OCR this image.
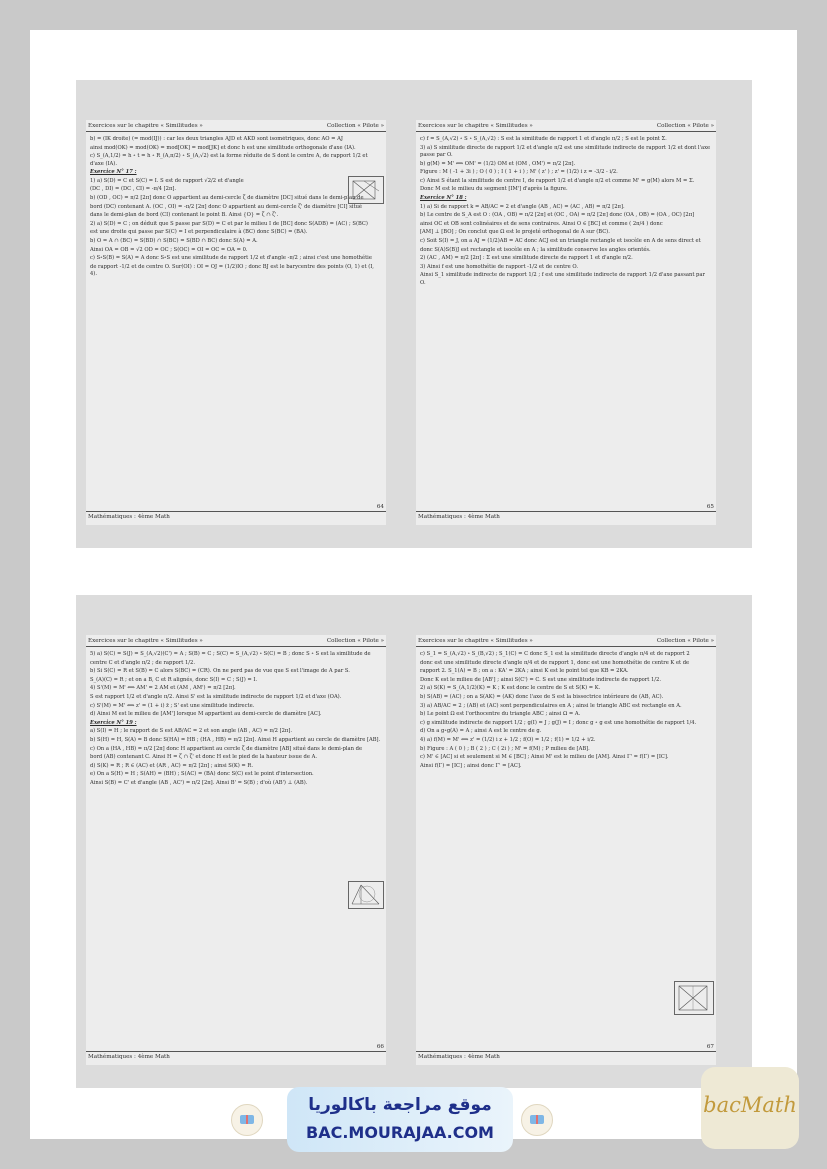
Exercices sur le chapitre « Similitudes »	Collection « Pilote »

b) = (IK droite) (= mod(IJ)) : car les deux triangles AJD et AKD sont isométriques, donc AO = AJ

ainsi mod(OK) = mod(OK) = mod[OK] = mod[JK] et donc h est une similitude orthogonale d'axe (IA).

c) S_(A,1/2) = h ∘ t = h ∘ R_(A,π/2) ∘ S_(A,√2) est la forme réduite de S dont le centre A, de rapport 1/2 et d'axe (IA).

Exercice N° 17 :

1) a) S(D) = C et S(C) = I. S est de rapport √2/2 et d'angle

(DC , DI) = (DC , CI) = -π/4 [2π].

b) (OD , OC) = π/2 [2π] donc O appartient au demi-cercle ζ de diamètre [DC] situé dans le demi-plan de

bord (DC) contenant A. (OC , OI) = -π/2 [2π] donc O appartient au demi-cercle ζ' de diamètre [CI] situé

dans le demi-plan de bord (CI) contenant le point B. Ainsi {O} = ζ ∩ ζ'.

2) a) S(D) = C ; on déduit que S passe par S(D) = C et par le milieu I de [BC] donc S(ADB) = (AC) ; S(BC)

est une droite qui passe par S(C) = I et perpendiculaire à (BC) donc S(BC) = (BA).

b) O = A ∩ (BC) = S(BD) ∩ S(BC) = S(BD ∩ BC) donc S(A) = A.

Ainsi OA = OB = √2 OD = OC ; S(OC) = OI = OC = OA = 0.

c) S∘S(B) = S(A) = A donc S∘S est une similitude de rapport 1/2 et d'angle -π/2 ; ainsi c'est une homothétie

de rapport -1/2 et de centre O. Sur(OI) : OI = OJ = (1/2)IO ; donc BJ est le barycentre des points (O, 1) et (I, 4).

Mathématiques : 4ème Math
64
Exercices sur le chapitre « Similitudes »	Collection « Pilote »

c) f = S_(A,√2) ∘ S ∘ S_(A,√2) : S est la similitude de rapport 1 et d'angle π/2 ; S est le point Σ.

3) a) S similitude directe de rapport 1/2 et d'angle π/2 est une similitude indirecte de rapport 1/2 et dont l'axe passe par O.

b) g(M) = M' ⟺ OM' = (1/2) OM et (OM , OM') = π/2 [2π].

Figure : M ( -1 + 3i ) ; O ( 0 ) ; I ( 1 + i ) ; M' ( z' ) ; z' = (1/2) i z = -3/2 - i/2.

c) Ainsi S étant la similitude de centre I, de rapport 1/2 et d'angle π/2 et comme M' = g(M) alors M = Σ.

Donc M est le milieu du segment [IM'] d'après la figure.

Exercice N° 18 :

1) a) Si de rapport k = AB/AC = 2 et d'angle (AB , AC) = (AC , AB) = π/2 [2π].

b) Le centre de S_A est O : (OA , OB) = π/2 [2π] et (OC , OA) = π/2 [2π] donc (OA , OB) = (OA , OC) [2π]

ainsi OC et OB sont colinéaires et de sens contraires. Ainsi O ∈ [BC] et comme ( 2π/4 ) donc

[AM] ⊥ [BO] ; On conclut que Ω est le projeté orthogonal de A sur (BC).

c) Soit S(I) = J, on a AJ = (1/2)AB = AC donc ACJ est un triangle rectangle et isocèle en A de sens direct et

donc S(A)S(B)J est rectangle et isocèle en A ; la similitude conserve les angles orientés.

2) (AC , AM) = π/2 [2π] : Σ est une similitude directe de rapport 1 et d'angle π/2.

3) Ainsi f est une homothétie de rapport -1/2 et de centre O.

Ainsi S_1 similitude indirecte de rapport 1/2 ; f est une similitude indirecte de rapport 1/2 d'axe passant par O.

Mathématiques : 4ème Math
65
Exercices sur le chapitre « Similitudes »	Collection « Pilote »

5) a) S(C) = S(J) = S_(A,√2)(C') = A ; S(B) = C ; S(C) = S_(A,√2) ∘ S(C) = B ; donc S ∘ S est la similitude de

centre C et d'angle π/2 ; de rapport 1/2.

b) Si S(C) = R et S(B) = C alors S(BC) = (CR). On ne perd pas de vue que S est l'image de A par S.

S_(A)(C) = R ; et on a B, C et R alignés, donc S(I) = C ; S(J) = I.

4) S'(M) = M' ⟺ AM' = 2 AM et (AM , AM') = π/2 [2π].

S est rapport 1/2 et d'angle π/2. Ainsi S' est la similitude indirecte de rapport 1/2 et d'axe (OA).

c) S'(M) = M' ⟺ z' = (1 + i) z̄ ; S' est une similitude indirecte.

d) Ainsi M est le milieu de [AM'] lorsque M appartient au demi-cercle de diamètre [AC].

Exercice N° 19 :

a) S(I) = H ; le rapport de S est AB/AC = 2 et son angle (AB , AC) = π/2 [2π].

b) S(H) = H, S(A) = B donc S(HA) = HB ; (HA , HB) = π/2 [2π]. Ainsi H appartient au cercle de diamètre [AB].

c) On a (HA , HB) = π/2 [2π] donc H appartient au cercle ζ de diamètre [AB] situé dans le demi-plan de

bord (AB) contenant C. Ainsi H = ζ ∩ ζ' et donc H est le pied de la hauteur issue de A.

d) S(K) = R ; R ∈ (AC) et (AR , AC) = π/2 [2π] ; ainsi S(K) = R.

e) On a S(H) = H ; S(AH) = (BH) ; S(AC) = (BA) donc S(C) est le point d'intersection.

Ainsi S(B) = C' et d'angle (AB , AC') = π/2 [2π]. Ainsi B' = S(B) ; d'où (AB') ⊥ (AB).

Mathématiques : 4ème Math
66
Exercices sur le chapitre « Similitudes »	Collection « Pilote »

c) S_1 = S_(A,√2) ∘ S_(B,√2) ; S_1(C) = C donc S_1 est la similitude directe d'angle π/4 et de rapport 2

donc est une similitude directe d'angle π/4 et de rapport 1, donc est une homothétie de centre K et de

rapport 2. S_1(A) = B ; on a : KA' = 2KA ; ainsi K est le point tel que KB = 2KA.

Donc K est le milieu de [AB'] ; ainsi S(C') = C. S est une similitude indirecte de rapport 1/2.

2) a) S(K) = S_(A,1/2)(K) = K ; K est donc le centre de S et S(K) = K.

b) S(AB) = (AC) ; on a S(AK) = (AK) donc l'axe de S est la bissectrice intérieure de (AB, AC).

3) a) AB/AC = 2 ; (AB) et (AC) sont perpendiculaires en A ; ainsi le triangle ABC est rectangle en A.

b) Le point Ω est l'orthocentre du triangle ABC ; ainsi Ω = A.

c) g similitude indirecte de rapport 1/2 ; g(I) = J ; g(J) = I ; donc g ∘ g est une homothétie de rapport 1/4.

d) On a g∘g(A) = A ; ainsi A est le centre de g.

4) a) f(M) = M' ⟺ z' = (1/2) i z + 1/2 ; f(O) = 1/2 ; f(1) = 1/2 + i/2.

b) Figure : A ( 0 ) ; B ( 2 ) ; C ( 2i ) ; M' = f(M) ; P milieu de [AB].

c) M' ∈ [AC] si et seulement si M ∈ [BC] ; Ainsi M' est le milieu de [AM]. Ainsi Γ' = f(Γ) = [IC].

Ainsi f(Γ) = [IC] ; ainsi donc Γ' = [AC].

Mathématiques : 4ème Math
67
موقع مراجعة باكالوريا
BAC.MOURAJAA.COM
bacMath
